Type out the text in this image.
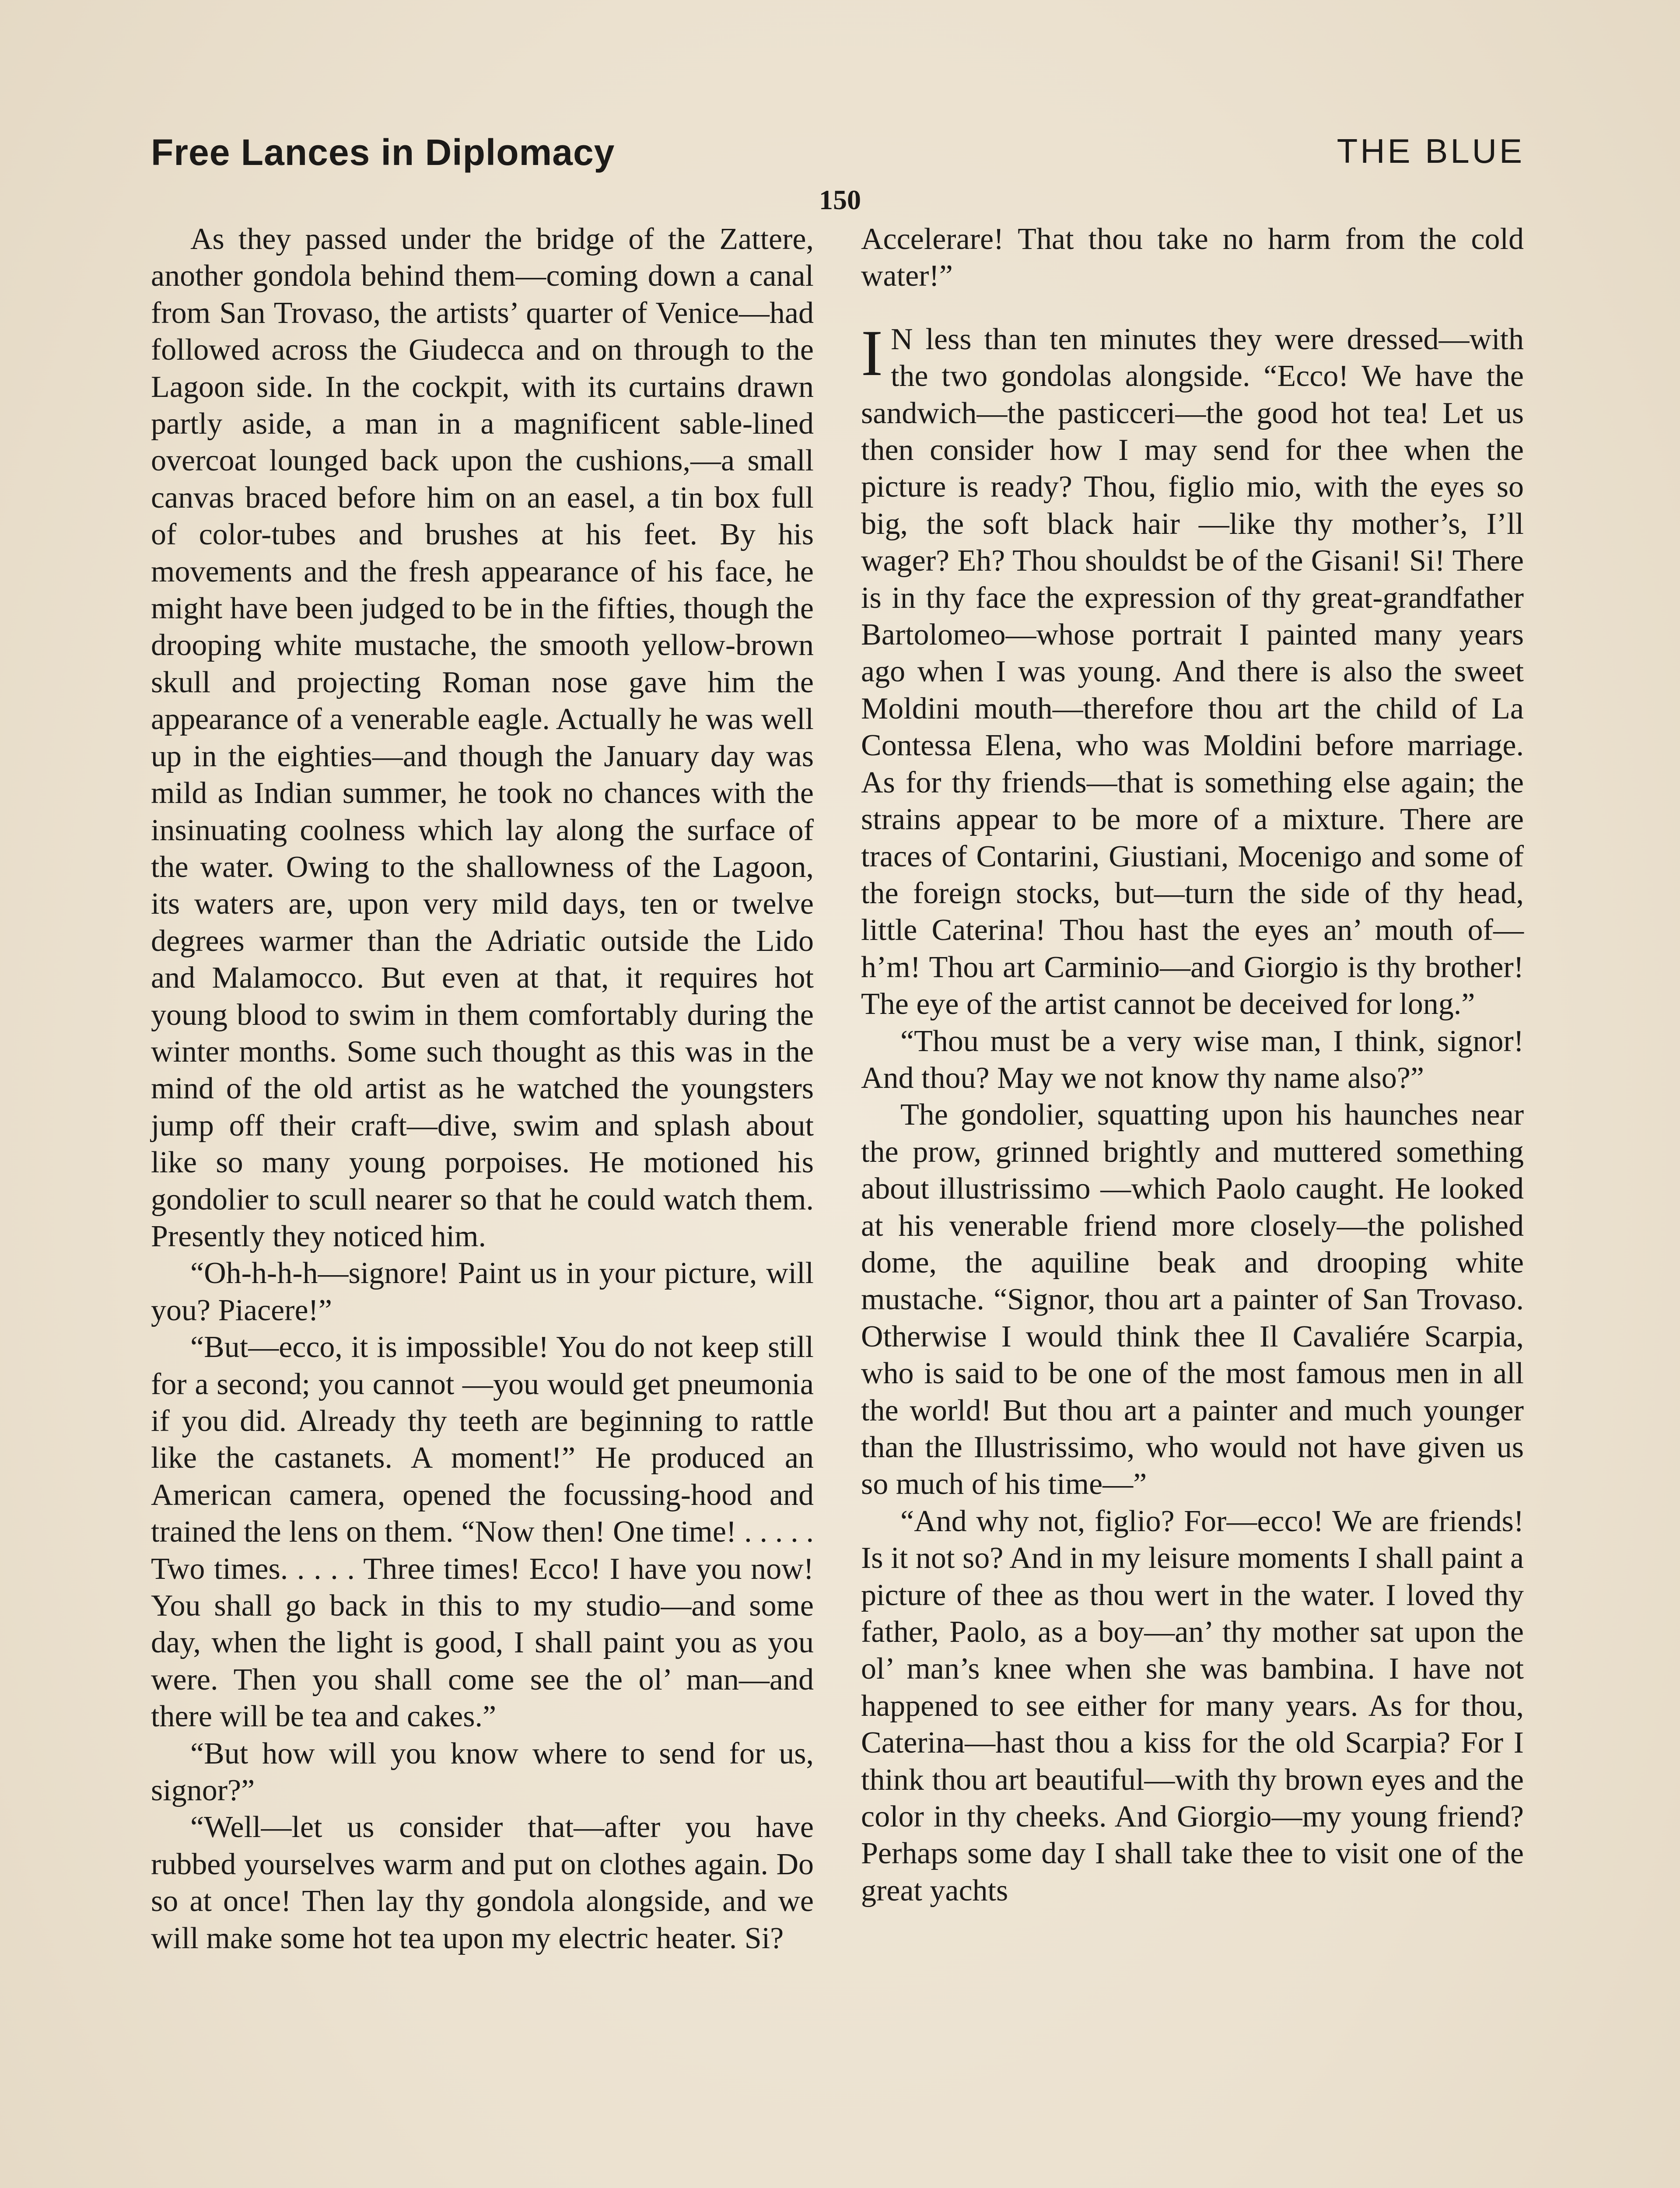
Free Lances in Diplomacy	THE BLUE
150

As they passed under the bridge of the Zattere, another gondola behind them—coming down a canal from San Trovaso, the artists’ quarter of Venice—had followed across the Giudecca and on through to the Lagoon side. In the cockpit, with its curtains drawn partly aside, a man in a magnificent sable-lined overcoat lounged back upon the cushions,—a small canvas braced before him on an easel, a tin box full of color-tubes and brushes at his feet. By his movements and the fresh appearance of his face, he might have been judged to be in the fifties, though the drooping white mustache, the smooth yellow-brown skull and projecting Roman nose gave him the appearance of a venerable eagle. Actually he was well up in the eighties—and though the January day was mild as Indian summer, he took no chances with the insinuating coolness which lay along the surface of the water. Owing to the shallowness of the Lagoon, its waters are, upon very mild days, ten or twelve degrees warmer than the Adriatic outside the Lido and Malamocco. But even at that, it requires hot young blood to swim in them comfortably during the winter months. Some such thought as this was in the mind of the old artist as he watched the youngsters jump off their craft—dive, swim and splash about like so many young porpoises. He motioned his gondolier to scull nearer so that he could watch them. Presently they noticed him.

“Oh-h-h-h—signore! Paint us in your picture, will you? Piacere!”

“But—ecco, it is impossible! You do not keep still for a second; you cannot —you would get pneumonia if you did. Already thy teeth are beginning to rattle like the castanets. A moment!” He produced an American camera, opened the focussing-hood and trained the lens on them. “Now then! One time! . . . . . Two times. . . . . Three times! Ecco! I have you now! You shall go back in this to my studio—and some day, when the light is good, I shall paint you as you were. Then you shall come see the ol’ man—and there will be tea and cakes.”

“But how will you know where to send for us, signor?”

“Well—let us consider that—after you have rubbed yourselves warm and put on clothes again. Do so at once! Then lay thy gondola alongside, and we will make some hot tea upon my electric heater. Si?

Accelerare! That thou take no harm from the cold water!”

I N less than ten minutes they were dressed—with the two gondolas alongside. “Ecco! We have the sandwich—the pasticceri—the good hot tea! Let us then consider how I may send for thee when the picture is ready? Thou, figlio mio, with the eyes so big, the soft black hair —like thy mother’s, I’ll wager? Eh? Thou shouldst be of the Gisani! Si! There is in thy face the expression of thy great-grandfather Bartolomeo—whose portrait I painted many years ago when I was young. And there is also the sweet Moldini mouth—therefore thou art the child of La Contessa Elena, who was Moldini before marriage. As for thy friends—that is something else again; the strains appear to be more of a mixture. There are traces of Contarini, Giustiani, Mocenigo and some of the foreign stocks, but—turn the side of thy head, little Caterina! Thou hast the eyes an’ mouth of— h’m! Thou art Carminio—and Giorgio is thy brother! The eye of the artist cannot be deceived for long.”

“Thou must be a very wise man, I think, signor! And thou? May we not know thy name also?”

The gondolier, squatting upon his haunches near the prow, grinned brightly and muttered something about illustrissimo —which Paolo caught. He looked at his venerable friend more closely—the polished dome, the aquiline beak and drooping white mustache. “Signor, thou art a painter of San Trovaso. Otherwise I would think thee Il Cavaliére Scarpia, who is said to be one of the most famous men in all the world! But thou art a painter and much younger than the Illustrissimo, who would not have given us so much of his time—”

“And why not, figlio? For—ecco! We are friends! Is it not so? And in my leisure moments I shall paint a picture of thee as thou wert in the water. I loved thy father, Paolo, as a boy—an’ thy mother sat upon the ol’ man’s knee when she was bambina. I have not happened to see either for many years. As for thou, Caterina—hast thou a kiss for the old Scarpia? For I think thou art beautiful—with thy brown eyes and the color in thy cheeks. And Giorgio—my young friend? Perhaps some day I shall take thee to visit one of the great yachts
